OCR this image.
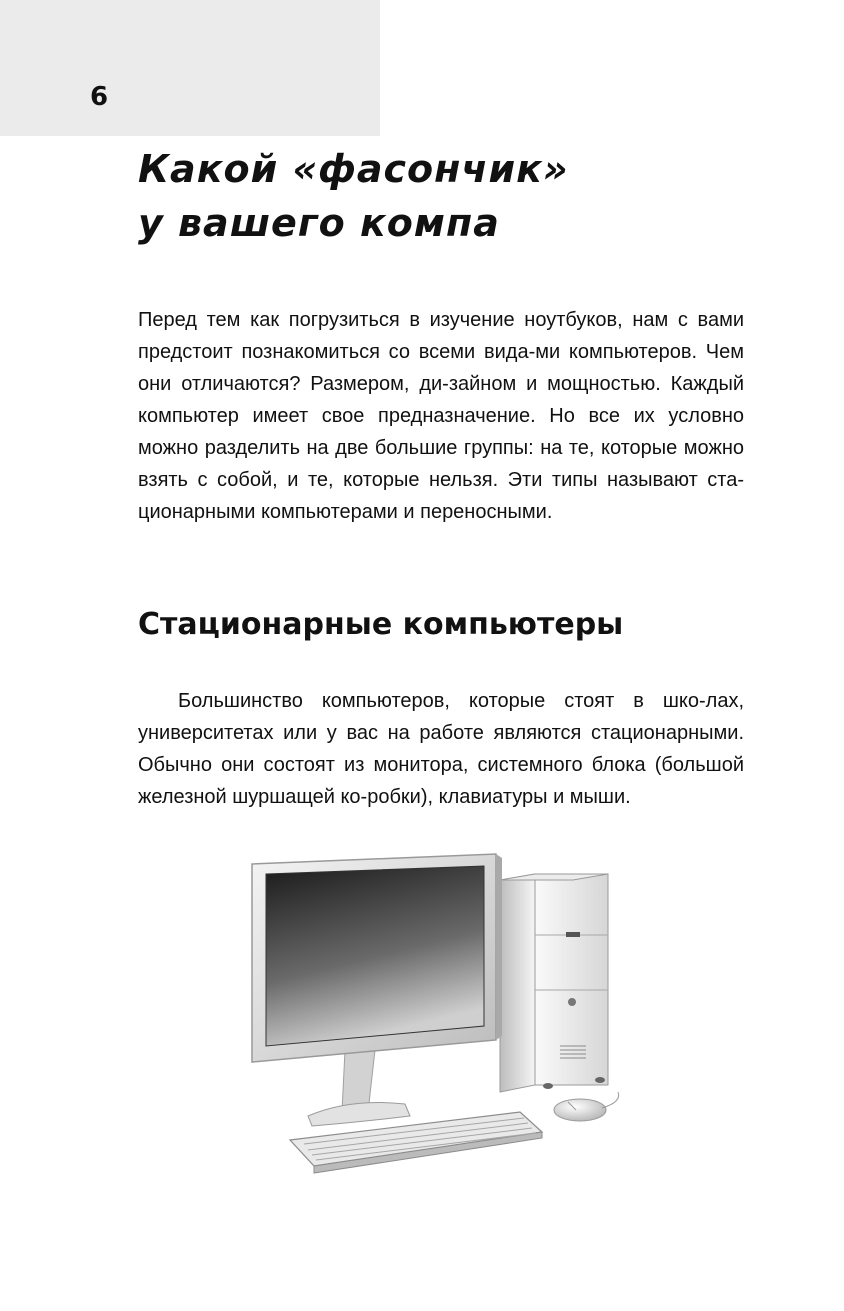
6
Какой «фасончик»
у вашего компа

Перед тем как погрузиться в изучение ноутбуков, нам с вами предстоит познакомиться со всеми вида-ми компьютеров. Чем они отличаются? Размером, ди-зайном и мощностью. Каждый компьютер имеет свое предназначение. Но все их условно можно разделить на две большие группы: на те, которые можно взять с собой, и те, которые нельзя. Эти типы называют ста-ционарными компьютерами и переносными.

Стационарные компьютеры

Большинство компьютеров, которые стоят в шко-лах, университетах или у вас на работе являются стационарными. Обычно они состоят из монитора, системного блока (большой железной шуршащей ко-робки), клавиатуры и мыши.
